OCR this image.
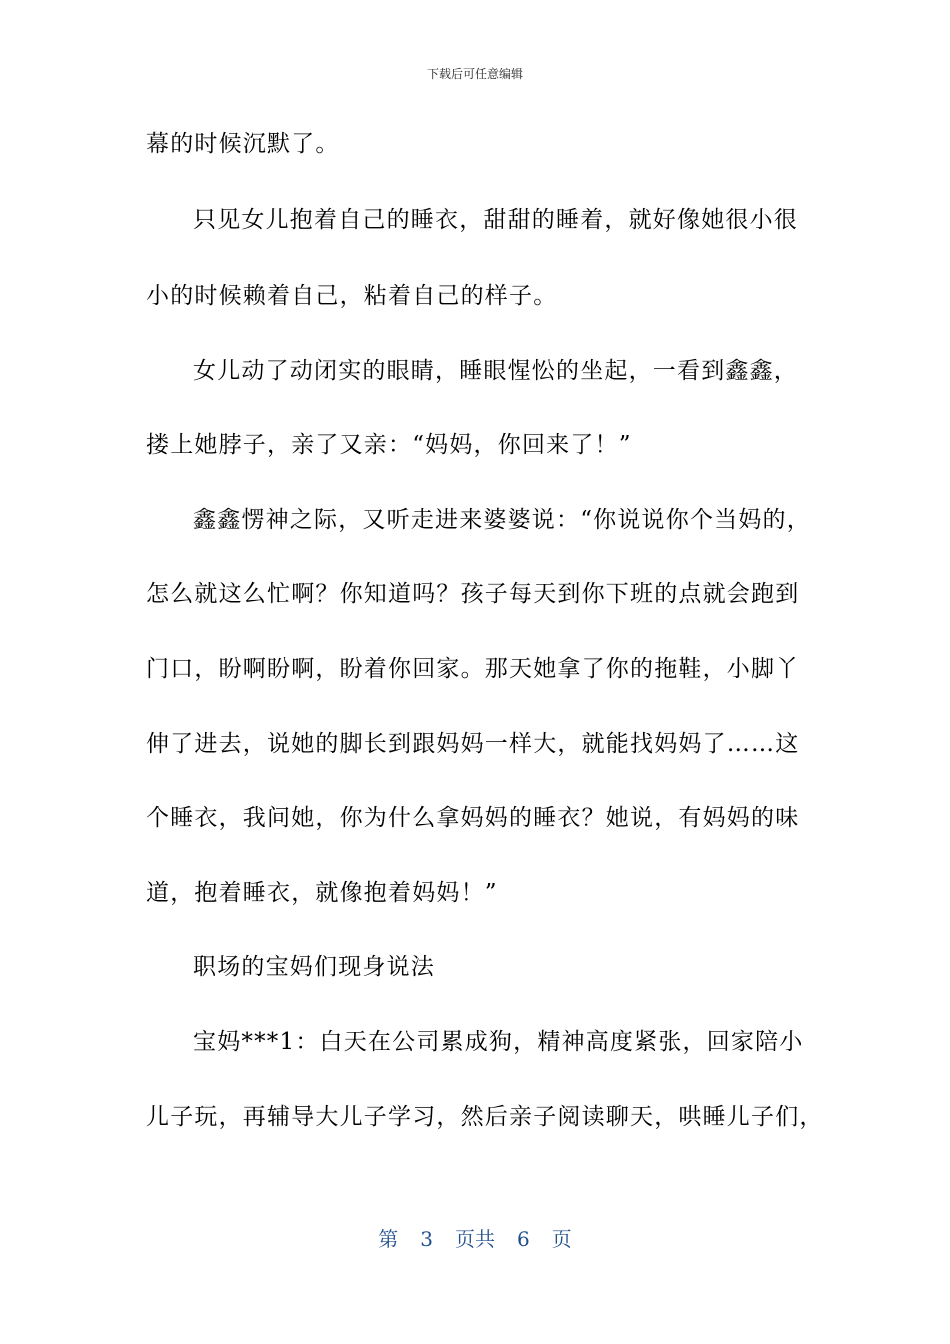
下载后可任意编辑
幕的时候沉默了。
只见女儿抱着自己的睡衣，甜甜的睡着，就好像她很小很
小的时候赖着自己，粘着自己的样子。
女儿动了动闭实的眼睛，睡眼惺忪的坐起，一看到鑫鑫，
搂上她脖子，亲了又亲：“妈妈，你回来了！”
鑫鑫愣神之际，又听走进来婆婆说：“你说说你个当妈的，
怎么就这么忙啊？你知道吗？孩子每天到你下班的点就会跑到
门口，盼啊盼啊，盼着你回家。那天她拿了你的拖鞋，小脚丫
伸了进去，说她的脚长到跟妈妈一样大，就能找妈妈了……这
个睡衣，我问她，你为什么拿妈妈的睡衣？她说，有妈妈的味
道，抱着睡衣，就像抱着妈妈！”
职场的宝妈们现身说法
宝妈***1：白天在公司累成狗，精神高度紧张，回家陪小
儿子玩，再辅导大儿子学习，然后亲子阅读聊天，哄睡儿子们，
第 3 页共 6 页
